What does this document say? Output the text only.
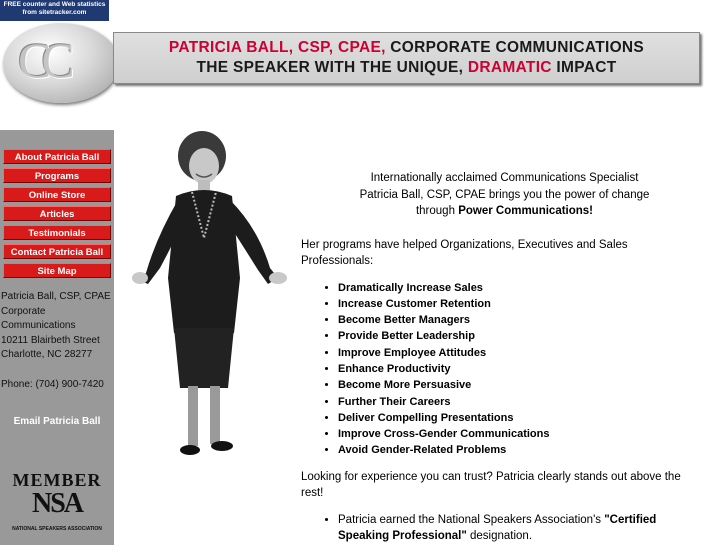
FREE counter and Web statistics
from sitetracker.com
CC	PATRICIA BALL, CSP, CPAE, CORPORATE COMMUNICATIONS
THE SPEAKER WITH THE UNIQUE, DRAMATIC IMPACT
About Patricia Ball
Programs
Online Store
Articles
Testimonials
Contact Patricia Ball
Site Map
Patricia Ball, CSP, CPAE
Corporate
Communications
10211 Blairbeth Street
Charlotte, NC 28277
Phone: (704) 900-7420
Email Patricia Ball
MEMBER
NSA
NATIONAL SPEAKERS ASSOCIATION
Internationally acclaimed Communications Specialist
Patricia Ball, CSP, CPAE brings you the power of change
through Power Communications!

Her programs have helped Organizations, Executives and Sales Professionals:

• Dramatically Increase Sales
• Increase Customer Retention
• Become Better Managers
• Provide Better Leadership
• Improve Employee Attitudes
• Enhance Productivity
• Become More Persuasive
• Further Their Careers
• Deliver Compelling Presentations
• Improve Cross-Gender Communications
• Avoid Gender-Related Problems

Looking for experience you can trust? Patricia clearly stands out above the rest!

• Patricia earned the National Speakers Association's "Certified Speaking Professional" designation.
